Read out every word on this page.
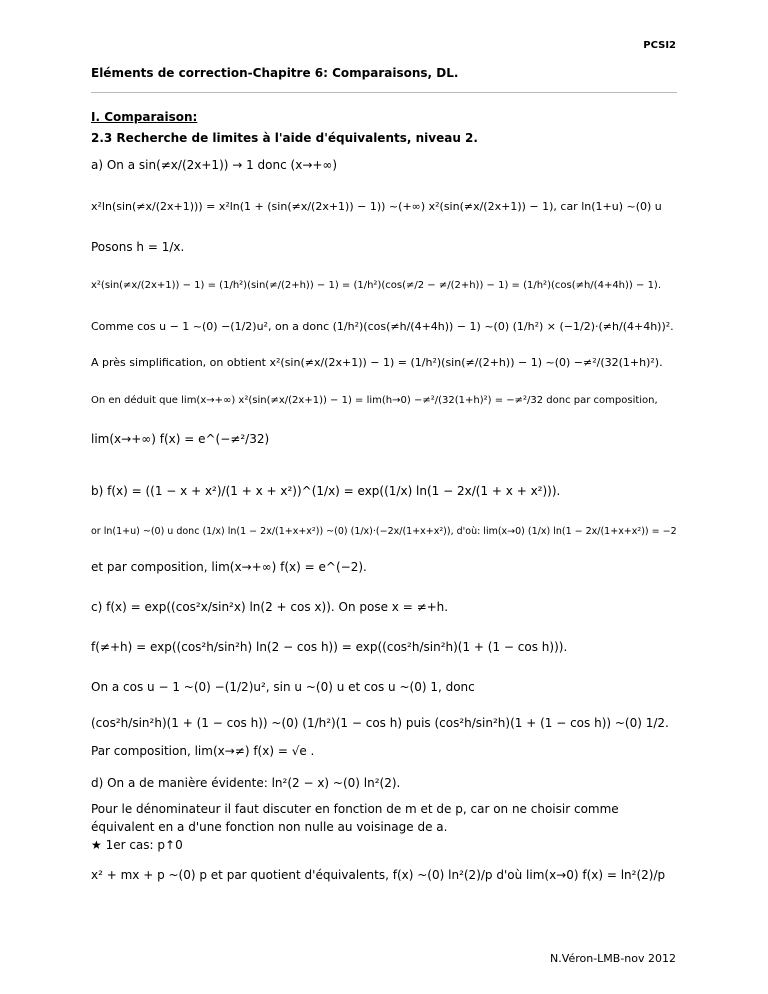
PCSI2
Eléments de correction-Chapitre 6: Comparaisons, DL.
I. Comparaison:
2.3 Recherche de limites à l'aide d'équivalents, niveau 2.
a) On a sin(≠x/(2x+1)) → 1 donc (x→+∞)
x²ln(sin(≠x/(2x+1))) = x²ln(1 + (sin(≠x/(2x+1)) − 1)) ~(+∞) x²(sin(≠x/(2x+1)) − 1), car ln(1+u) ~(0) u
Posons h = 1/x.
x²(sin(≠x/(2x+1)) − 1) = (1/h²)(sin(≠/(2+h)) − 1) = (1/h²)(cos(≠/2 − ≠/(2+h)) − 1) = (1/h²)(cos(≠h/(4+4h)) − 1).
Comme cos u − 1 ~(0) −(1/2)u², on a donc (1/h²)(cos(≠h/(4+4h)) − 1) ~(0) (1/h²) × (−1/2)·(≠h/(4+4h))².
A près simplification, on obtient x²(sin(≠x/(2x+1)) − 1) = (1/h²)(sin(≠/(2+h)) − 1) ~(0) −≠²/(32(1+h)²).
On en déduit que lim(x→+∞) x²(sin(≠x/(2x+1)) − 1) = lim(h→0) −≠²/(32(1+h)²) = −≠²/32 donc par composition,
lim(x→+∞) f(x) = e^(−≠²/32)
b) f(x) = ((1 − x + x²)/(1 + x + x²))^(1/x) = exp((1/x) ln(1 − 2x/(1 + x + x²))).
or ln(1+u) ~(0) u donc (1/x) ln(1 − 2x/(1+x+x²)) ~(0) (1/x)·(−2x/(1+x+x²)), d'où: lim(x→0) (1/x) ln(1 − 2x/(1+x+x²)) = −2
et par composition, lim(x→+∞) f(x) = e^(−2).
c) f(x) = exp((cos²x/sin²x) ln(2 + cos x)). On pose x = ≠+h.
f(≠+h) = exp((cos²h/sin²h) ln(2 − cos h)) = exp((cos²h/sin²h)(1 + (1 − cos h))).
On a cos u − 1 ~(0) −(1/2)u², sin u ~(0) u et cos u ~(0) 1, donc
(cos²h/sin²h)(1 + (1 − cos h)) ~(0) (1/h²)(1 − cos h) puis (cos²h/sin²h)(1 + (1 − cos h)) ~(0) 1/2.
Par composition, lim(x→≠) f(x) = √e .
d) On a de manière évidente: ln²(2 − x) ~(0) ln²(2).
Pour le dénominateur il faut discuter en fonction de m et de p, car on ne choisir comme
équivalent en a d'une fonction non nulle au voisinage de a.
★ 1er cas: p↑0
x² + mx + p ~(0) p et par quotient d'équivalents, f(x) ~(0) ln²(2)/p d'où lim(x→0) f(x) = ln²(2)/p
N.Véron-LMB-nov 2012
